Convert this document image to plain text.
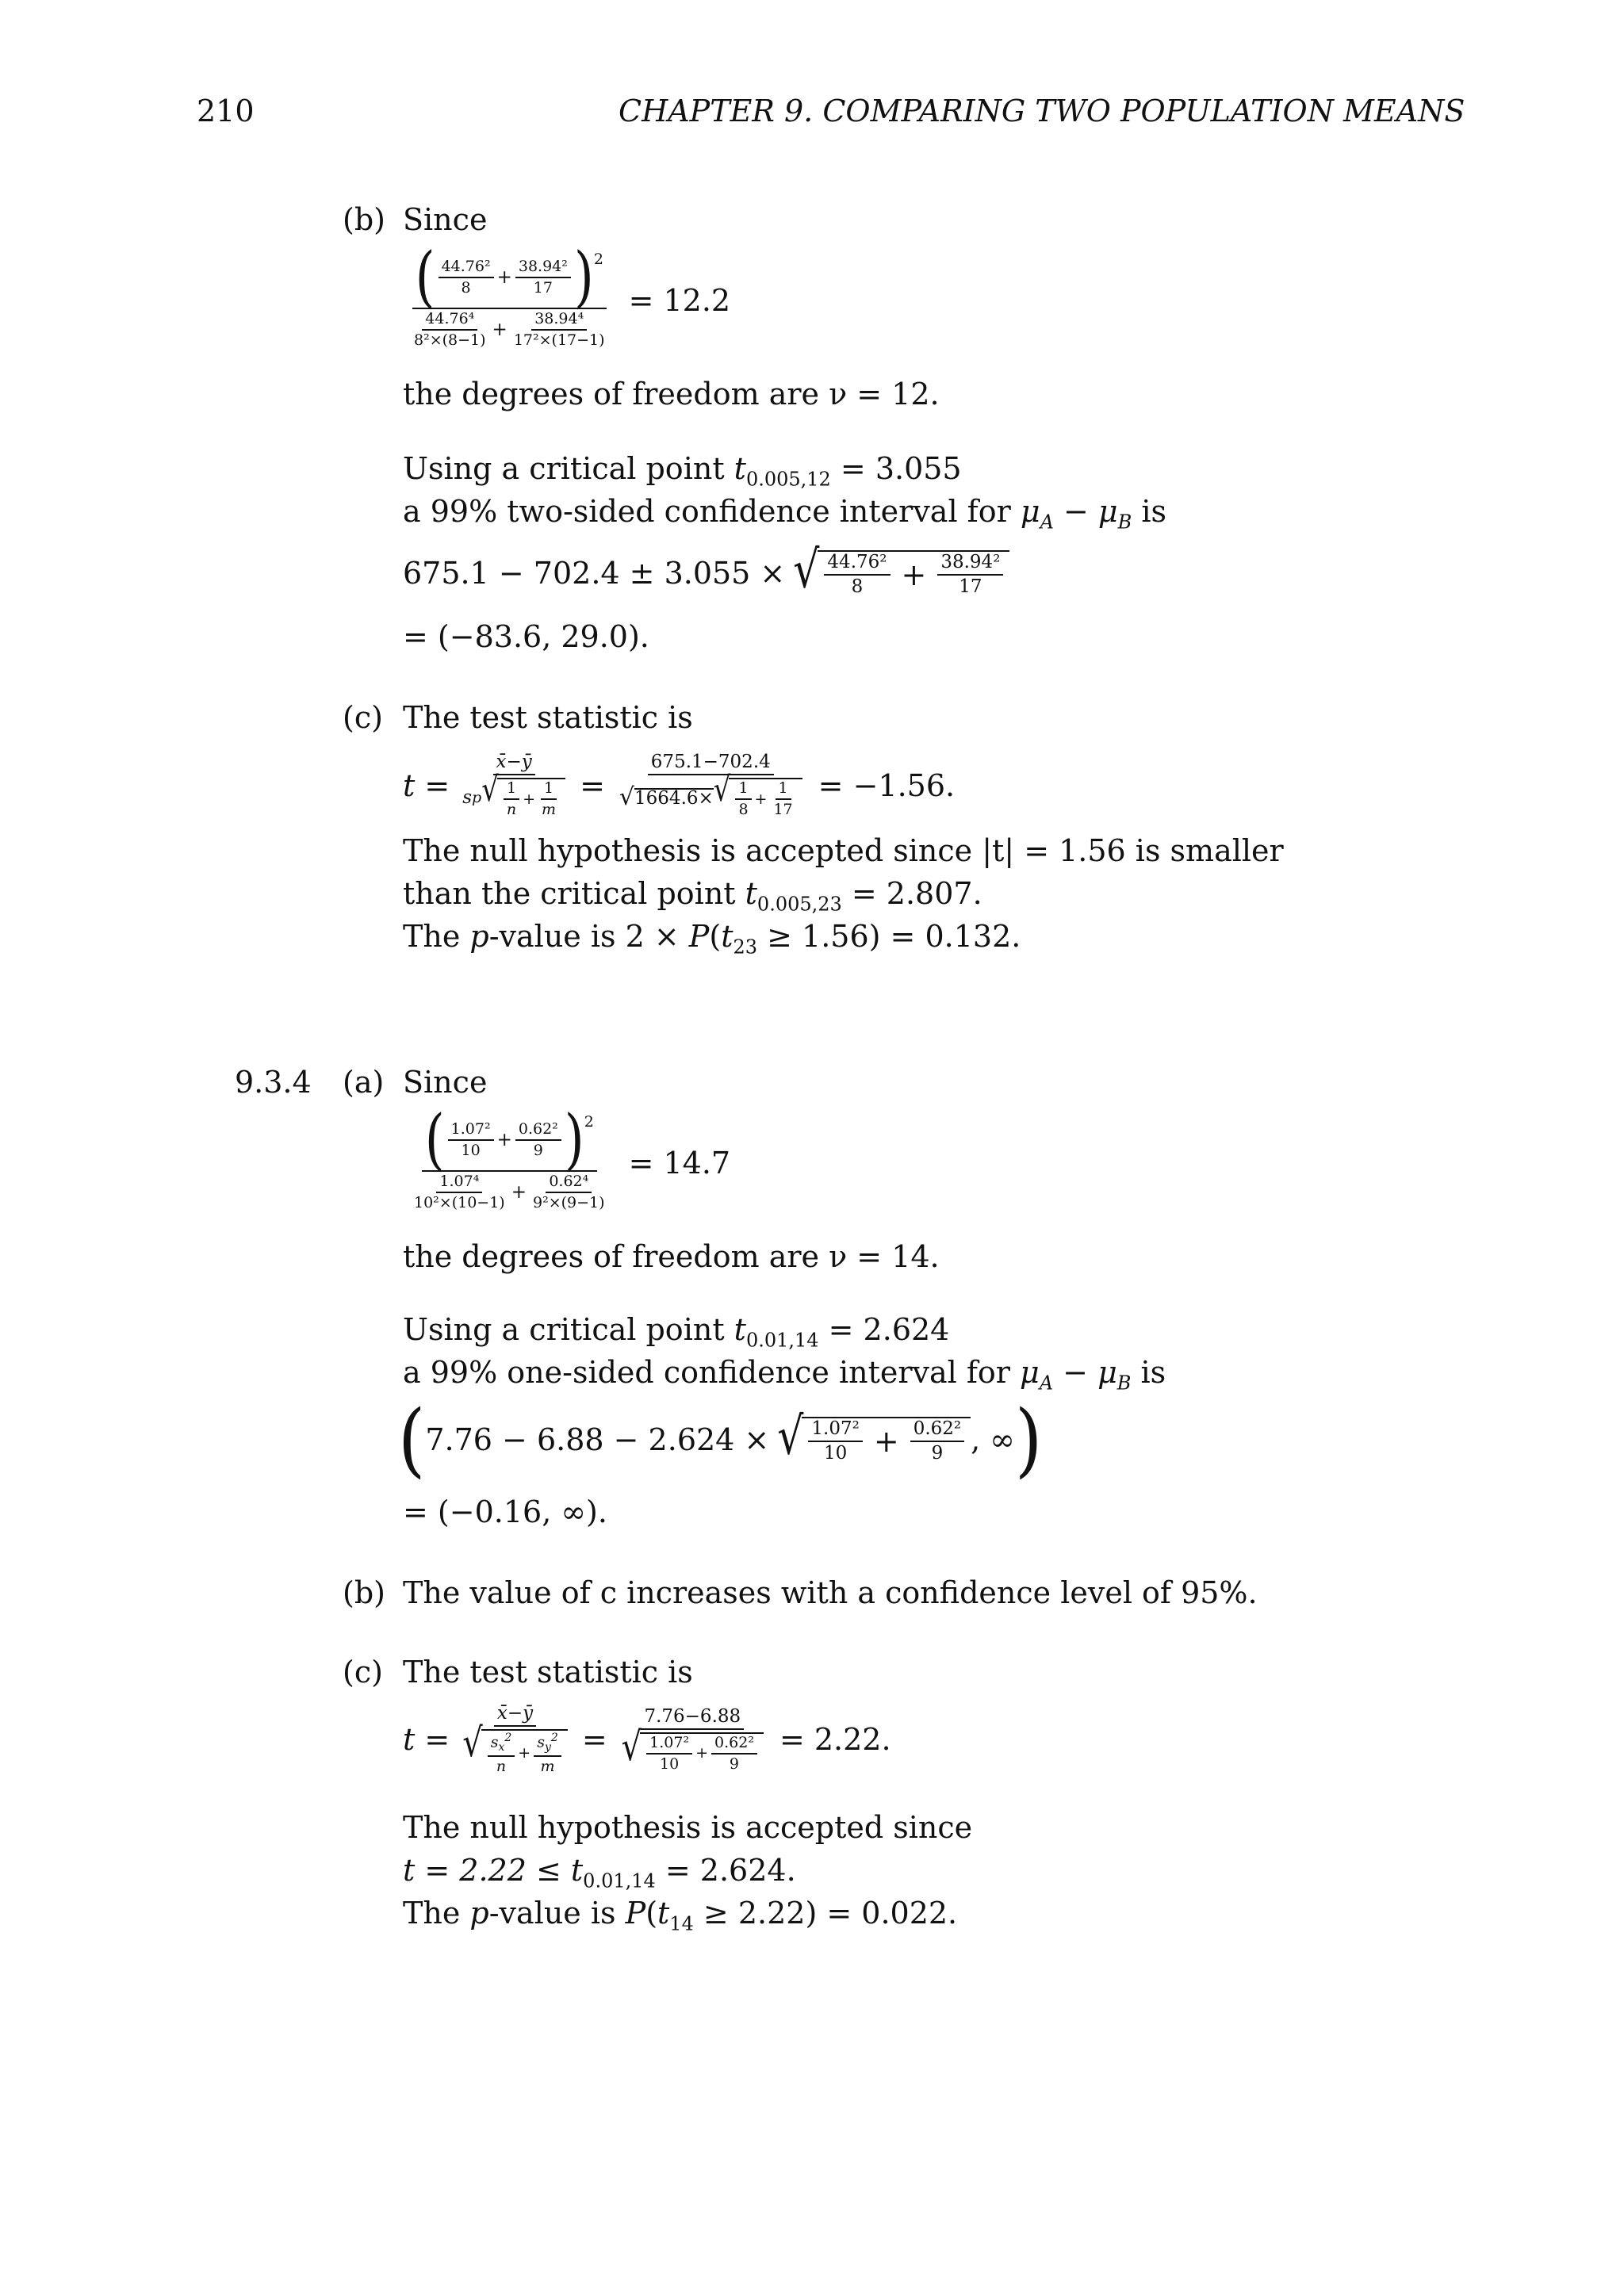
210	CHAPTER 9. COMPARING TWO POPULATION MEANS
(b) Since
$\frac{( \frac{\text{44.76²}}{8} + \frac{\text{38.94²}}{17} ) 2}{\frac{\text{44.76⁴}}{\text{8²×(8−1)}} + \frac{\text{38.94⁴}}{\text{17²×(17−1)}}} = 12.2$
the degrees of freedom are ν = 12.
Using a critical point $t_{0.005,12} = 3.055$
a 99% two-sided confidence interval for $\mu_A - \mu_B$ is
675.1 − 702.4 ± 3.055 × √ $\frac{\text{44.76²}}{8} + \frac{\text{38.94²}}{17}$
= (−83.6, 29.0).
(c) The test statistic is
$t = \frac{x̄-ȳ}{s p √ \frac{1}{n} + \frac{1}{m}} = \frac{675.1-702.4}{√ 1664.6\times √ \frac{1}{8} + \frac{1}{17}} = -1.56$.
The null hypothesis is accepted since |t| = 1.56 is smaller
than the critical point $t_{0.005,23} = 2.807$.
The p-value is $2 \times P(t_{23} \ge 1.56) = 0.132$.
9.3.4 (a) Since
$\frac{( \frac{\text{1.07²}}{10} + \frac{\text{0.62²}}{9} ) 2}{\frac{\text{1.07⁴}}{\text{10²×(10−1)}} + \frac{\text{0.62⁴}}{\text{9²×(9−1)}}} = 14.7$
the degrees of freedom are ν = 14.
Using a critical point $t_{0.01,14} = 2.624$
a 99% one-sided confidence interval for $\mu_A - \mu_B$ is
( 7.76 − 6.88 − 2.624 × √ $\frac{\text{1.07²}}{10} + \frac{\text{0.62²}}{9}$ , ∞ )
= (−0.16, ∞).
(b) The value of c increases with a confidence level of 95%.
(c) The test statistic is
$t = \frac{x̄-ȳ}{√ \frac{s_x^2}{n} + \frac{s_y^2}{m}} = \frac{7.76-6.88}{√ \frac{\text{1.07²}}{10} + \frac{\text{0.62²}}{9}} = 2.22$.
The null hypothesis is accepted since
$t = 2.22 \le t_{0.01,14} = 2.624$.
The p-value is $P(t_{14} \ge 2.22) = 0.022$.
